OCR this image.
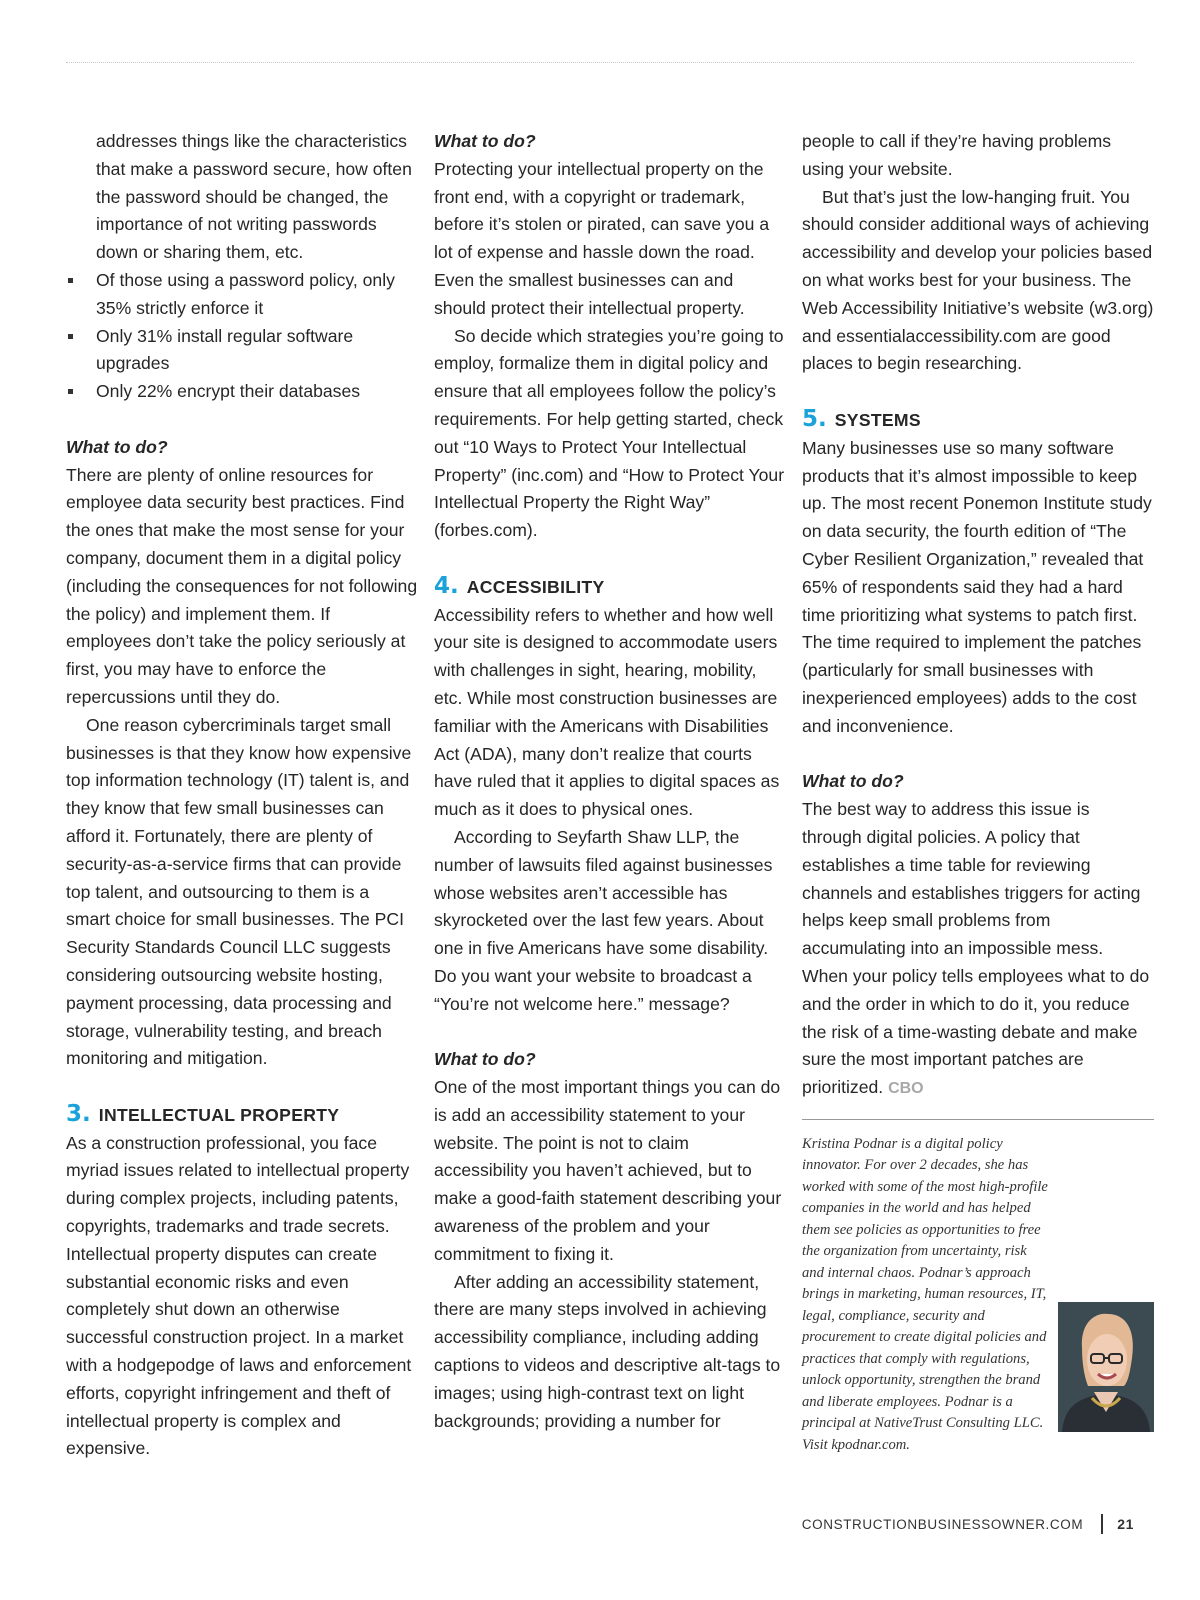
addresses things like the characteristics that make a password secure, how often the password should be changed, the importance of not writing passwords down or sharing them, etc.

Of those using a password policy, only 35% strictly enforce it
Only 31% install regular software upgrades
Only 22% encrypt their databases

What to do?

There are plenty of online resources for employee data security best practices. Find the ones that make the most sense for your company, document them in a digital policy (including the consequences for not following the policy) and implement them. If employees don’t take the policy seriously at first, you may have to enforce the repercussions until they do.

One reason cybercriminals target small businesses is that they know how expensive top information technology (IT) talent is, and they know that few small businesses can afford it. Fortunately, there are plenty of security-as-a-service firms that can provide top talent, and outsourcing to them is a smart choice for small businesses. The PCI Security Standards Council LLC suggests considering outsourcing website hosting, payment processing, data processing and storage, vulnerability testing, and breach monitoring and mitigation.

3. INTELLECTUAL PROPERTY

As a construction professional, you face myriad issues related to intellectual property during complex projects, including patents, copyrights, trademarks and trade secrets. Intellectual property disputes can create substantial economic risks and even completely shut down an otherwise successful construction project. In a market with a hodgepodge of laws and enforcement efforts, copyright infringement and theft of intellectual property is complex and expensive.

What to do?

Protecting your intellectual property on the front end, with a copyright or trademark, before it’s stolen or pirated, can save you a lot of expense and hassle down the road. Even the smallest businesses can and should protect their intellectual property.

So decide which strategies you’re going to employ, formalize them in digital policy and ensure that all employees follow the policy’s requirements. For help getting started, check out “10 Ways to Protect Your Intellectual Property” (inc.com) and “How to Protect Your Intellectual Property the Right Way” (forbes.com).

4. ACCESSIBILITY

Accessibility refers to whether and how well your site is designed to accommodate users with challenges in sight, hearing, mobility, etc. While most construction businesses are familiar with the Americans with Disabilities Act (ADA), many don’t realize that courts have ruled that it applies to digital spaces as much as it does to physical ones.

According to Seyfarth Shaw LLP, the number of lawsuits filed against businesses whose websites aren’t accessible has skyrocketed over the last few years. About one in five Americans have some disability. Do you want your website to broadcast a “You’re not welcome here.” message?

What to do?

One of the most important things you can do is add an accessibility statement to your website. The point is not to claim accessibility you haven’t achieved, but to make a good-faith statement describing your awareness of the problem and your commitment to fixing it.

After adding an accessibility statement, there are many steps involved in achieving accessibility compliance, including adding captions to videos and descriptive alt-tags to images; using high-contrast text on light backgrounds; providing a number for

people to call if they’re having problems using your website.

But that’s just the low-hanging fruit. You should consider additional ways of achieving accessibility and develop your policies based on what works best for your business. The Web Accessibility Initiative’s website (w3.org) and essentialaccessibility.com are good places to begin researching.

5. SYSTEMS

Many businesses use so many software products that it’s almost impossible to keep up. The most recent Ponemon Institute study on data security, the fourth edition of “The Cyber Resilient Organization,” revealed that 65% of respondents said they had a hard time prioritizing what systems to patch first. The time required to implement the patches (particularly for small businesses with inexperienced employees) adds to the cost and inconvenience.

What to do?

The best way to address this issue is through digital policies. A policy that establishes a time table for reviewing channels and establishes triggers for acting helps keep small problems from accumulating into an impossible mess. When your policy tells employees what to do and the order in which to do it, you reduce the risk of a time-wasting debate and make sure the most important patches are prioritized. CBO

Kristina Podnar is a digital policy innovator. For over 2 decades, she has worked with some of the most high-profile companies in the world and has helped them see policies as opportunities to free the organization from uncertainty, risk and internal chaos. Podnar’s approach brings in marketing, human resources, IT, legal, compliance, security and procurement to create digital policies and practices that comply with regulations, unlock opportunity, strengthen the brand and liberate employees. Podnar is a principal at NativeTrust Consulting LLC. Visit kpodnar.com.
CONSTRUCTIONBUSINESSOWNER.COM 21
